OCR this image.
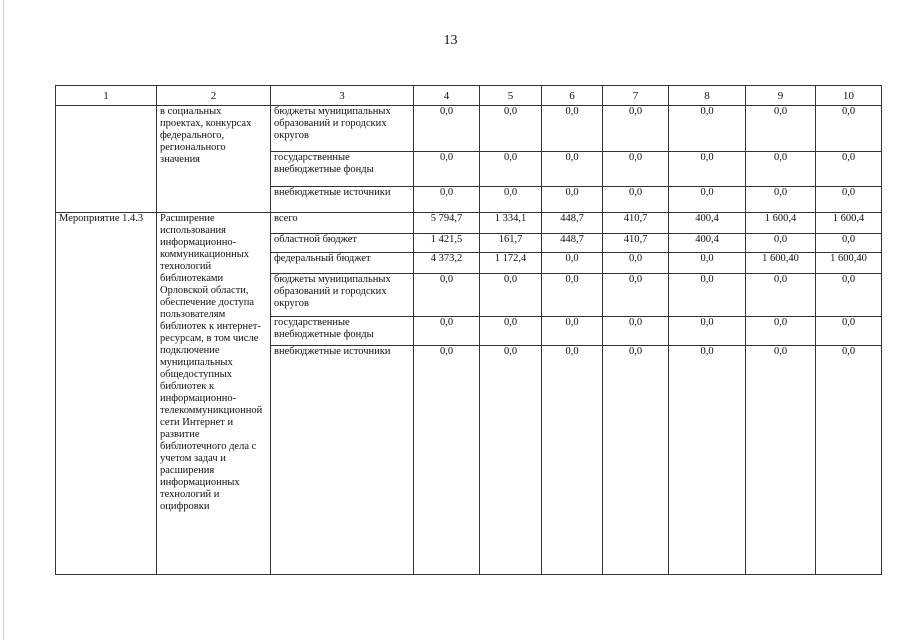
13
1	2	3	4	5	6	7	8	9	10
	в социальных проектах, конкурсах федерального, регионального значения	бюджеты муниципальных образований и городских округов	0,0	0,0	0,0	0,0	0,0	0,0	0,0
		государственные внебюджетные фонды	0,0	0,0	0,0	0,0	0,0	0,0	0,0
		внебюджетные источники	0,0	0,0	0,0	0,0	0,0	0,0	0,0
Мероприятие 1.4.3	Расширение использования информационно-коммуникационных технологий библиотеками Орловской области, обеспечение доступа пользователям библиотек к интернет-ресурсам, в том числе подключение муниципальных общедоступных библиотек к информационно-телекоммуникционной сети Интернет и развитие библиотечного дела с учетом задач и расширения информационных технологий и оцифровки	всего	5 794,7	1 334,1	448,7	410,7	400,4	1 600,4	1 600,4
		областной бюджет	1 421,5	161,7	448,7	410,7	400,4	0,0	0,0
		федеральный бюджет	4 373,2	1 172,4	0,0	0,0	0,0	1 600,40	1 600,40
		бюджеты муниципальных образований и городских округов	0,0	0,0	0,0	0,0	0,0	0,0	0,0
		государственные внебюджетные фонды	0,0	0,0	0,0	0,0	0,0	0,0	0,0
		внебюджетные источники	0,0	0,0	0,0	0,0	0,0	0,0	0,0
